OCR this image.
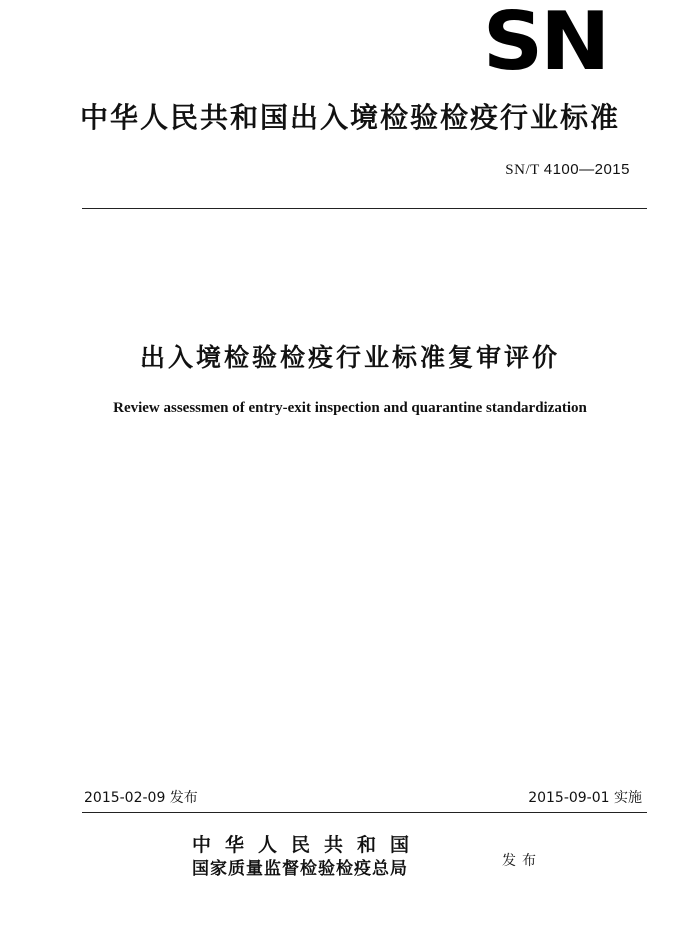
SN
中华人民共和国出入境检验检疫行业标准
SN/T 4100—2015
出入境检验检疫行业标准复审评价
Review assessmen of entry-exit inspection and quarantine standardization
2015-02-09 发布	2015-09-01 实施
中华人民共和国
国家质量监督检验检疫总局	发布
